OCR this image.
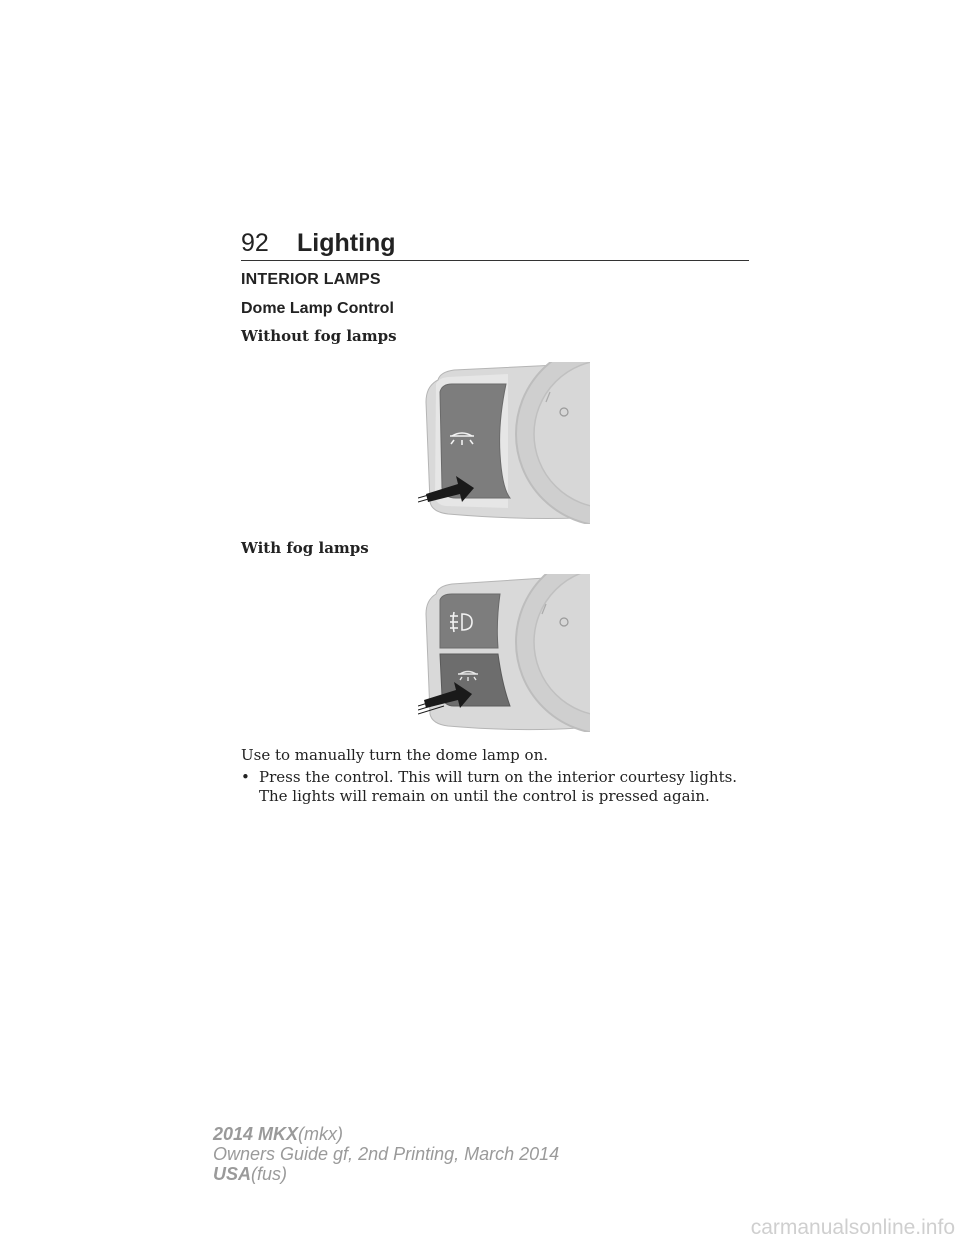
92 Lighting
INTERIOR LAMPS
Dome Lamp Control
Without fog lamps
With fog lamps
Use to manually turn the dome lamp on.
• Press the control. This will turn on the interior courtesy lights. The lights will remain on until the control is pressed again.
2014 MKX(mkx)
Owners Guide gf, 2nd Printing, March 2014
USA(fus)
carmanualsonline.info
